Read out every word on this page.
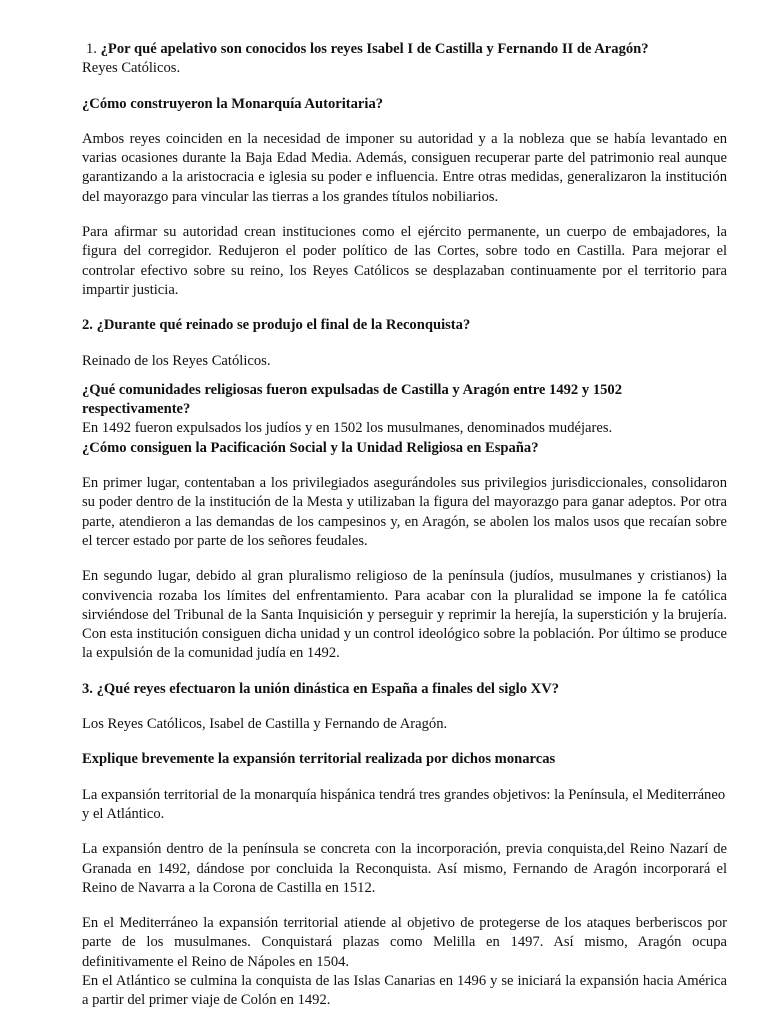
1. ¿Por qué apelativo son conocidos los reyes Isabel I de Castilla y Fernando II de Aragón?

Reyes Católicos.

¿Cómo construyeron la Monarquía Autoritaria?

Ambos reyes coinciden en la necesidad de imponer su autoridad y a la nobleza que se había levantado en varias ocasiones durante la Baja Edad Media. Además, consiguen recuperar parte del patrimonio real aunque garantizando a la aristocracia e iglesia su poder e influencia. Entre otras medidas, generalizaron la institución del mayorazgo para vincular las tierras a los grandes títulos nobiliarios.

Para afirmar su autoridad crean instituciones como el ejército permanente, un cuerpo de embajadores, la figura del corregidor. Redujeron el poder político de las Cortes, sobre todo en Castilla. Para mejorar el controlar efectivo sobre su reino, los Reyes Católicos se desplazaban continuamente por el territorio para impartir justicia.

2. ¿Durante qué reinado se produjo el final de la Reconquista?

Reinado de los Reyes Católicos.

¿Qué comunidades religiosas fueron expulsadas de Castilla y Aragón entre 1492 y 1502 respectivamente?

En 1492 fueron expulsados los judíos y en 1502 los musulmanes, denominados mudéjares.

¿Cómo consiguen la Pacificación Social y la Unidad Religiosa en España?

En primer lugar, contentaban a los privilegiados asegurándoles sus privilegios jurisdiccionales, consolidaron su poder dentro de la institución de la Mesta y utilizaban la figura del mayorazgo para ganar adeptos. Por otra parte, atendieron a las demandas de los campesinos y, en Aragón, se abolen los malos usos que recaían sobre el tercer estado por parte de los señores feudales.

En segundo lugar, debido al gran pluralismo religioso de la península (judíos, musulmanes y cristianos) la convivencia rozaba los límites del enfrentamiento. Para acabar con la pluralidad se impone la fe católica sirviéndose del Tribunal de la Santa Inquisición y perseguir y reprimir la herejía, la superstición y la brujería. Con esta institución consiguen dicha unidad y un control ideológico sobre la población. Por último se produce la expulsión de la comunidad judía en 1492.

3. ¿Qué reyes efectuaron la unión dinástica en España a finales del siglo XV?

Los Reyes Católicos, Isabel de Castilla y Fernando de Aragón.

Explique brevemente la expansión territorial realizada por dichos monarcas

La expansión territorial de la monarquía hispánica tendrá tres grandes objetivos: la Península, el Mediterráneo y el Atlántico.

La expansión dentro de la península se concreta con la incorporación, previa conquista,del Reino Nazarí de Granada en 1492, dándose por concluida la Reconquista. Así mismo, Fernando de Aragón incorporará el Reino de Navarra a la Corona de Castilla en 1512.

En el Mediterráneo la expansión territorial atiende al objetivo de protegerse de los ataques berberiscos por parte de los musulmanes. Conquistará plazas como Melilla en 1497. Así mismo, Aragón ocupa definitivamente el Reino de Nápoles en 1504.

En el Atlántico se culmina la conquista de las Islas Canarias en 1496 y se iniciará la expansión hacia América a partir del primer viaje de Colón en 1492.
